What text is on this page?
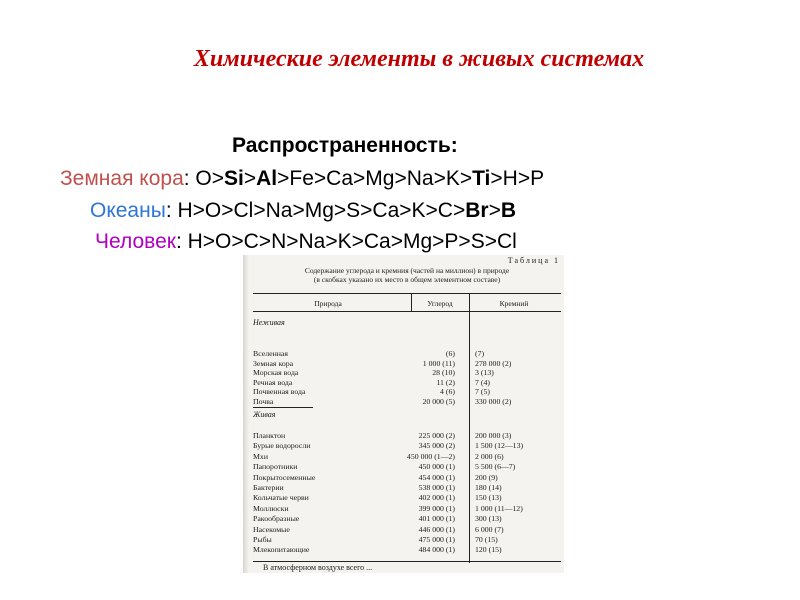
Химические элементы в живых системах
Распространенность:
Земная кора: O>Si>Al>Fe>Ca>Mg>Na>K>Ti>H>P
Океаны: H>O>Cl>Na>Mg>S>Ca>K>C>Br>B
Человек: H>O>C>N>Na>K>Ca>Mg>P>S>Cl
Таблица 1
Содержание углерода и кремния (частей на миллион) в природе
(в скобках указано их место в общем элементном составе)
Природа	Углерод	Кремний
Неживая
Вселенная	(6)	(7)
Земная кора	1 000 (11)	278 000 (2)
Морская вода	28 (10)	3 (13)
Речная вода	11 (2)	7 (4)
Почвенная вода	4 (6)	7 (5)
Почва	20 000 (5)	330 000 (2)
Живая
Планктон	225 000 (2)	200 000 (3)
Бурые водоросли	345 000 (2)	1 500 (12—13)
Мхи	450 000 (1—2)	2 000 (6)
Папоротники	450 000 (1)	5 500 (6—7)
Покрытосеменные	454 000 (1)	200 (9)
Бактерии	538 000 (1)	180 (14)
Кольчатые черви	402 000 (1)	150 (13)
Моллюски	399 000 (1)	1 000 (11—12)
Ракообразные	401 000 (1)	300 (13)
Насекомые	446 000 (1)	6 000 (7)
Рыбы	475 000 (1)	70 (15)
Млекопитающие	484 000 (1)	120 (15)
В атмосферном воздухе всего ...
